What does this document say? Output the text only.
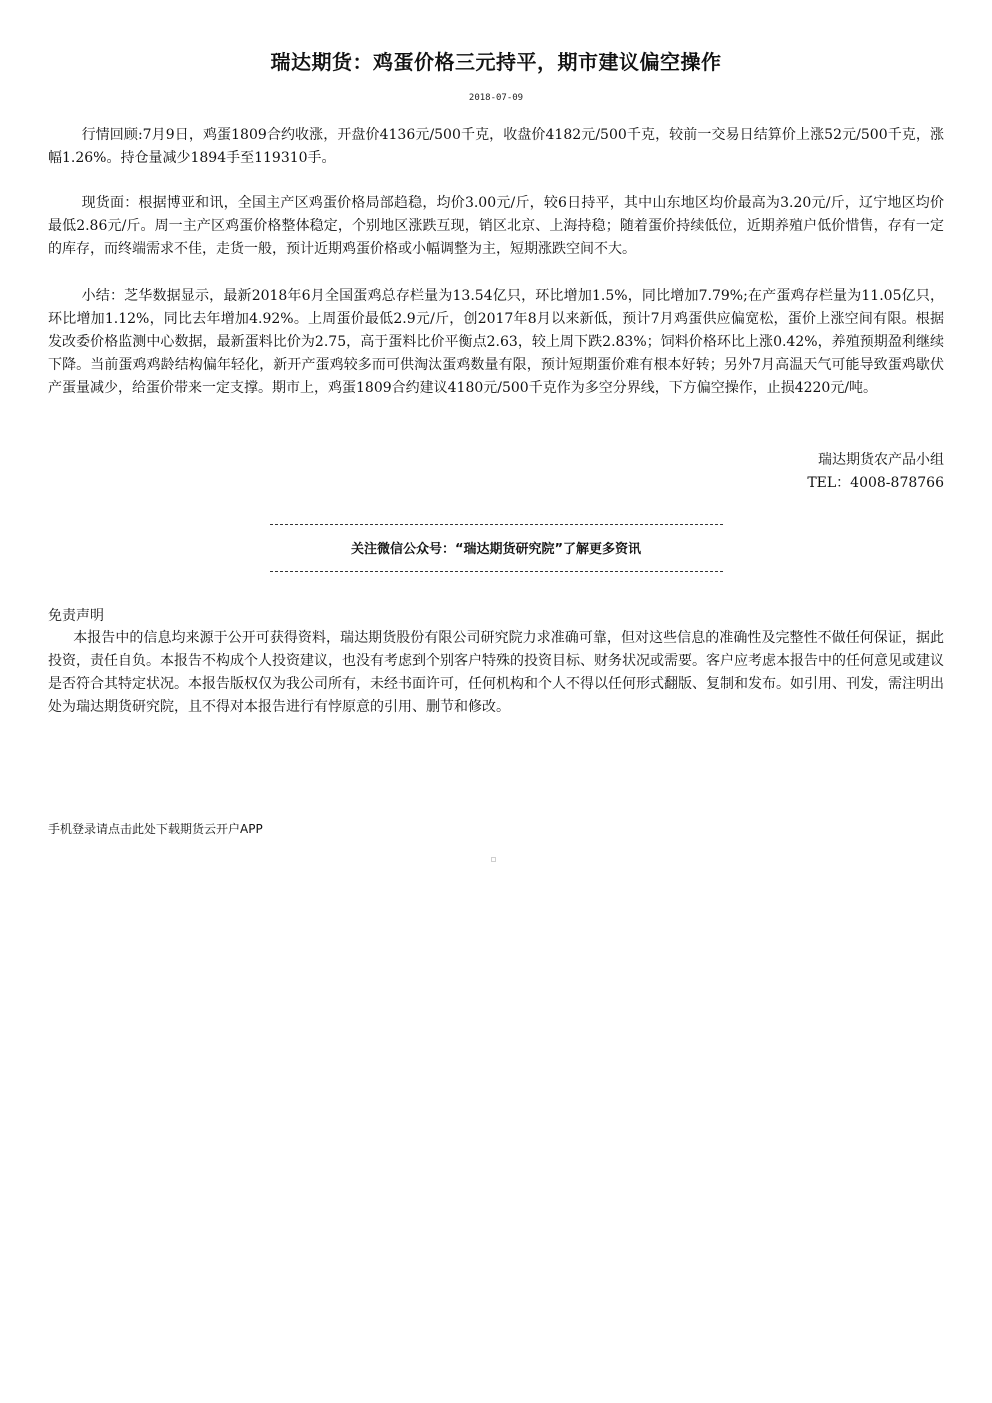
瑞达期货：鸡蛋价格三元持平，期市建议偏空操作
2018-07-09

行情回顾:7月9日，鸡蛋1809合约收涨，开盘价4136元/500千克，收盘价4182元/500千克，较前一交易日结算价上涨52元/500千克，涨幅1.26%。持仓量减少1894手至119310手。

现货面：根据博亚和讯，全国主产区鸡蛋价格局部趋稳，均价3.00元/斤，较6日持平，其中山东地区均价最高为3.20元/斤，辽宁地区均价最低2.86元/斤。周一主产区鸡蛋价格整体稳定，个别地区涨跌互现，销区北京、上海持稳；随着蛋价持续低位，近期养殖户低价惜售，存有一定的库存，而终端需求不佳，走货一般，预计近期鸡蛋价格或小幅调整为主，短期涨跌空间不大。

小结：芝华数据显示，最新2018年6月全国蛋鸡总存栏量为13.54亿只，环比增加1.5%，同比增加7.79%;在产蛋鸡存栏量为11.05亿只，环比增加1.12%，同比去年增加4.92%。上周蛋价最低2.9元/斤，创2017年8月以来新低，预计7月鸡蛋供应偏宽松，蛋价上涨空间有限。根据发改委价格监测中心数据，最新蛋料比价为2.75，高于蛋料比价平衡点2.63，较上周下跌2.83%；饲料价格环比上涨0.42%，养殖预期盈利继续下降。当前蛋鸡鸡龄结构偏年轻化，新开产蛋鸡较多而可供淘汰蛋鸡数量有限，预计短期蛋价难有根本好转；另外7月高温天气可能导致蛋鸡歇伏产蛋量减少，给蛋价带来一定支撑。期市上，鸡蛋1809合约建议4180元/500千克作为多空分界线，下方偏空操作，止损4220元/吨。

瑞达期货农产品小组
TEL：4008-878766
关注微信公众号：“瑞达期货研究院”了解更多资讯
免责声明

本报告中的信息均来源于公开可获得资料，瑞达期货股份有限公司研究院力求准确可靠，但对这些信息的准确性及完整性不做任何保证，据此投资，责任自负。本报告不构成个人投资建议，也没有考虑到个别客户特殊的投资目标、财务状况或需要。客户应考虑本报告中的任何意见或建议是否符合其特定状况。本报告版权仅为我公司所有，未经书面许可，任何机构和个人不得以任何形式翻版、复制和发布。如引用、刊发，需注明出处为瑞达期货研究院，且不得对本报告进行有悖原意的引用、删节和修改。

手机登录请点击此处下载期货云开户APP
